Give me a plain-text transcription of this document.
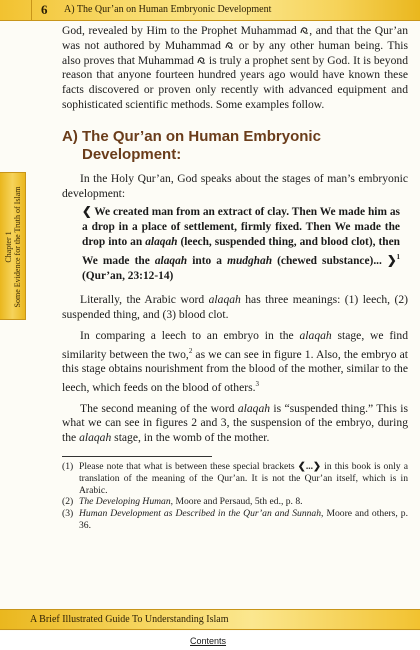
6 A) The Qur’an on Human Embryonic Development
Chapter 1
Some Evidence for the Truth of Islam

God, revealed by Him to the Prophet Muhammad
, and that the Qur’an was not authored by Muhammad
or by any other human being. This also proves that Muhammad
is truly a prophet sent by God. It is beyond reason that anyone fourteen hundred years ago would have known these facts discovered or proven only recently with advanced equipment and sophisticated scientific methods. Some examples follow.

A) The Qur’an on Human Embryonic
Development:

In the Holy Qur’an, God speaks about the stages of man’s embryonic development:

❮ We created man from an extract of clay. Then We made him as a drop in a place of settlement, firmly fixed. Then We made the drop into an alaqah (leech, suspended thing, and blood clot), then We made the alaqah into a mudghah (chewed substance)... ❯$^1$ (Qur’an, 23:12-14)

Literally, the Arabic word alaqah has three meanings: (1) leech, (2) suspended thing, and (3) blood clot.

In comparing a leech to an embryo in the alaqah stage, we find similarity between the two,$^2$ as we can see in figure 1. Also, the embryo at this stage obtains nourishment from the blood of the mother, similar to the leech, which feeds on the blood of others.$^3$

The second meaning of the word alaqah is “suspended thing.” This is what we can see in figures 2 and 3, the suspension of the embryo, during the alaqah stage, in the womb of the mother.

(1) Please note that what is between these special brackets ❮...❯ in this book is only a translation of the meaning of the Qur’an. It is not the Qur’an itself, which is in Arabic.
(2) The Developing Human, Moore and Persaud, 5th ed., p. 8.
(3) Human Development as Described in the Qur’an and Sunnah, Moore and others, p. 36.
A Brief Illustrated Guide To Understanding Islam
Contents
